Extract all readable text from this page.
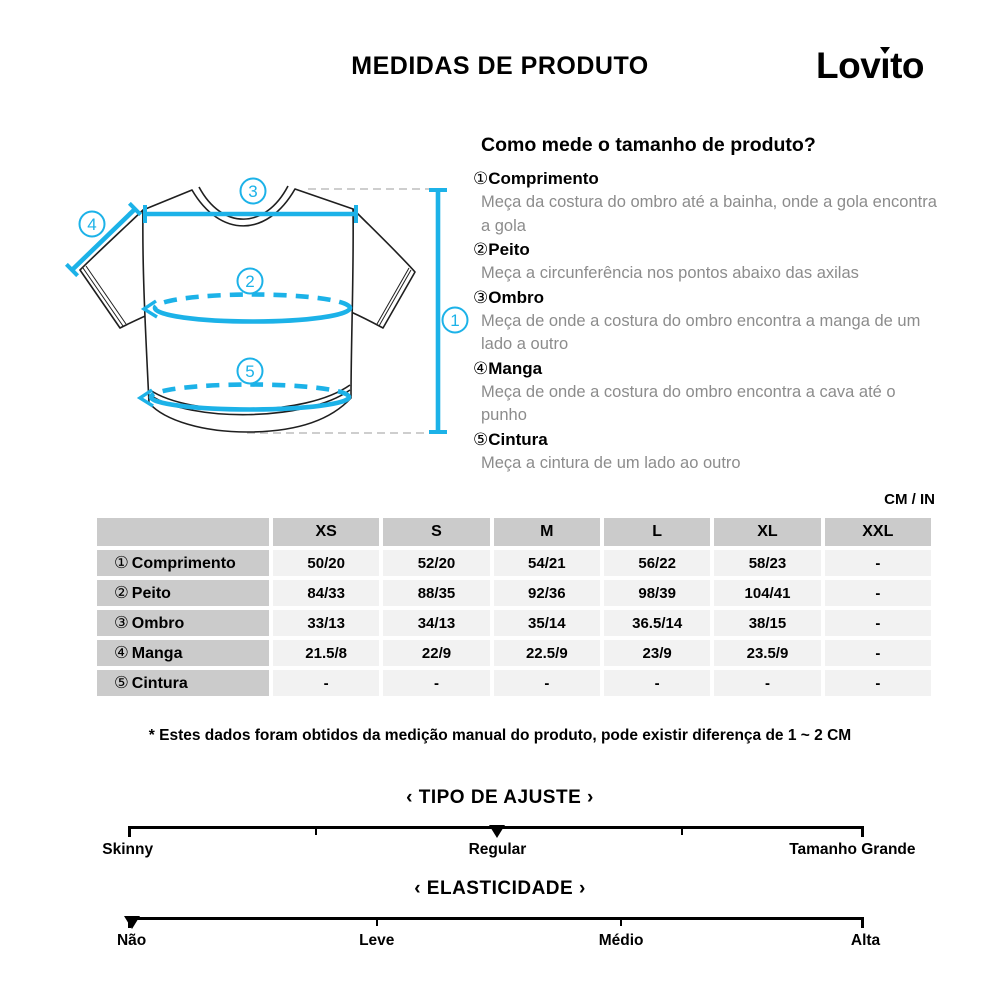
MEDIDAS DE PRODUTO	Lovıto
3
4
2
5
1
Como mede o tamanho de produto?
①Comprimento
Meça da costura do ombro até a bainha, onde a gola encontra a gola
②Peito
Meça a circunferência nos pontos abaixo das axilas
③Ombro
Meça de onde a costura do ombro encontra a manga de um lado a outro
④Manga
Meça de onde a costura do ombro encontra a cava até o punho
⑤Cintura
Meça a cintura de um lado ao outro
CM / IN
	XS	S	M	L	XL	XXL
① Comprimento	50/20	52/20	54/21	56/22	58/23	-
② Peito	84/33	88/35	92/36	98/39	104/41	-
③ Ombro	33/13	34/13	35/14	36.5/14	38/15	-
④ Manga	21.5/8	22/9	22.5/9	23/9	23.5/9	-
⑤ Cintura	-	-	-	-	-	-
* Estes dados foram obtidos da medição manual do produto, pode existir diferença de 1 ~ 2 CM
‹ TIPO DE AJUSTE ›
Skinny	Regular	Tamanho Grande
‹ ELASTICIDADE ›
Não	Leve	Médio	Alta
